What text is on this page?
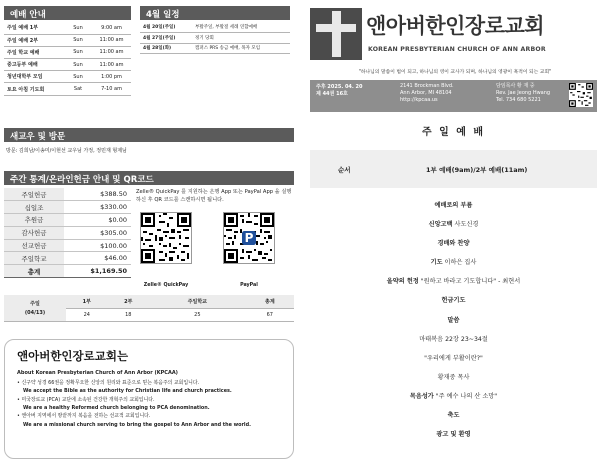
예배 안내
주일 예배 1부	Sun	9:00 am
주일 예배 2부	Sun	11:00 am
주일 학교 예배	Sun	11:00 am
중고등부 예배	Sun	11:00 am
청년대학부 모임	Sun	1:00 pm
토요 아침 기도회	Sat	7-10 am
4월 일정
4월 20일(주일)	부활주일, 부활절 세례 연합예배
4월 27일(주일)	정기 당회
4월 28일(화)	캠퍼스 PRS 송금 예배, 목자 모임
새교우 및 방문
방문: 김희남/이송미/이현선 교우님 가정, 정민재 형제님
주간 통계/온라인헌금 안내 및 QR코드
주일헌금	$388.50
십일조	$330.00
추원금	$0.00
감사헌금	$305.00
선교헌금	$100.00
주일학교	$46.00
총계	$1,169.50
Zelle® QuickPay 를 지원하는 은행 App 또는 PayPal App 을 실행하신 후 QR 코드를 스캔하시면 됩니다.
P
Zelle® QuickPay	PayPal
주일
(04/13)	1부	2부	주일학교	총계
	24	18	25	67
앤아버한인장로교회는
About Korean Presbyterian Church of Ann Arbor (KPCAA)
• 신구약 성경 66권을 정확무오한 신앙의 원리와 표준으로 믿는 복음주의 교회입니다.
We accept the Bible as the authority for Christian life and church practices.
• 미국장로교 (PCA) 교단에 소속된 건강한 개혁주의 교회입니다.
We are a healthy Reformed church belonging to PCA denomination.
• 앤아버 지역에서 땅끝까지 복음을 전하는 선교적 교회입니다.
We are a missional church serving to bring the gospel to Ann Arbor and the world.
앤아버한인장로교회
KOREAN PRESBYTERIAN CHURCH OF ANN ARBOR
"하나님의 말씀이 법이 되고, 하나님의 영이 교사가 되며, 하나님의 영광이 흑적이 되는 교회"
주후 2025. 04. 20
제 44권 16호
2141 Brockman Blvd.
Ann Arbor, MI 48104
http://kpcaa.us
담임목사 황 재 중
Rev. Jae Jeong Hwang
Tel. 734 680 5221
주 일 예 배
순서	1부 예배(9am)/2부 예배(11am)
예배로의 부름
신앙고백 사도신경
경배와 찬양
기도 이하은 집사
올약의 헌정 "원하고 바라고 기도합니다" - 최현서
헌금기도
말씀
마태복음 22장 23~34절
"우리에게 부활이란?"
황재중 목사
목음성가 "주 예수 나의 산 소망"
축도
광고 및 환영
